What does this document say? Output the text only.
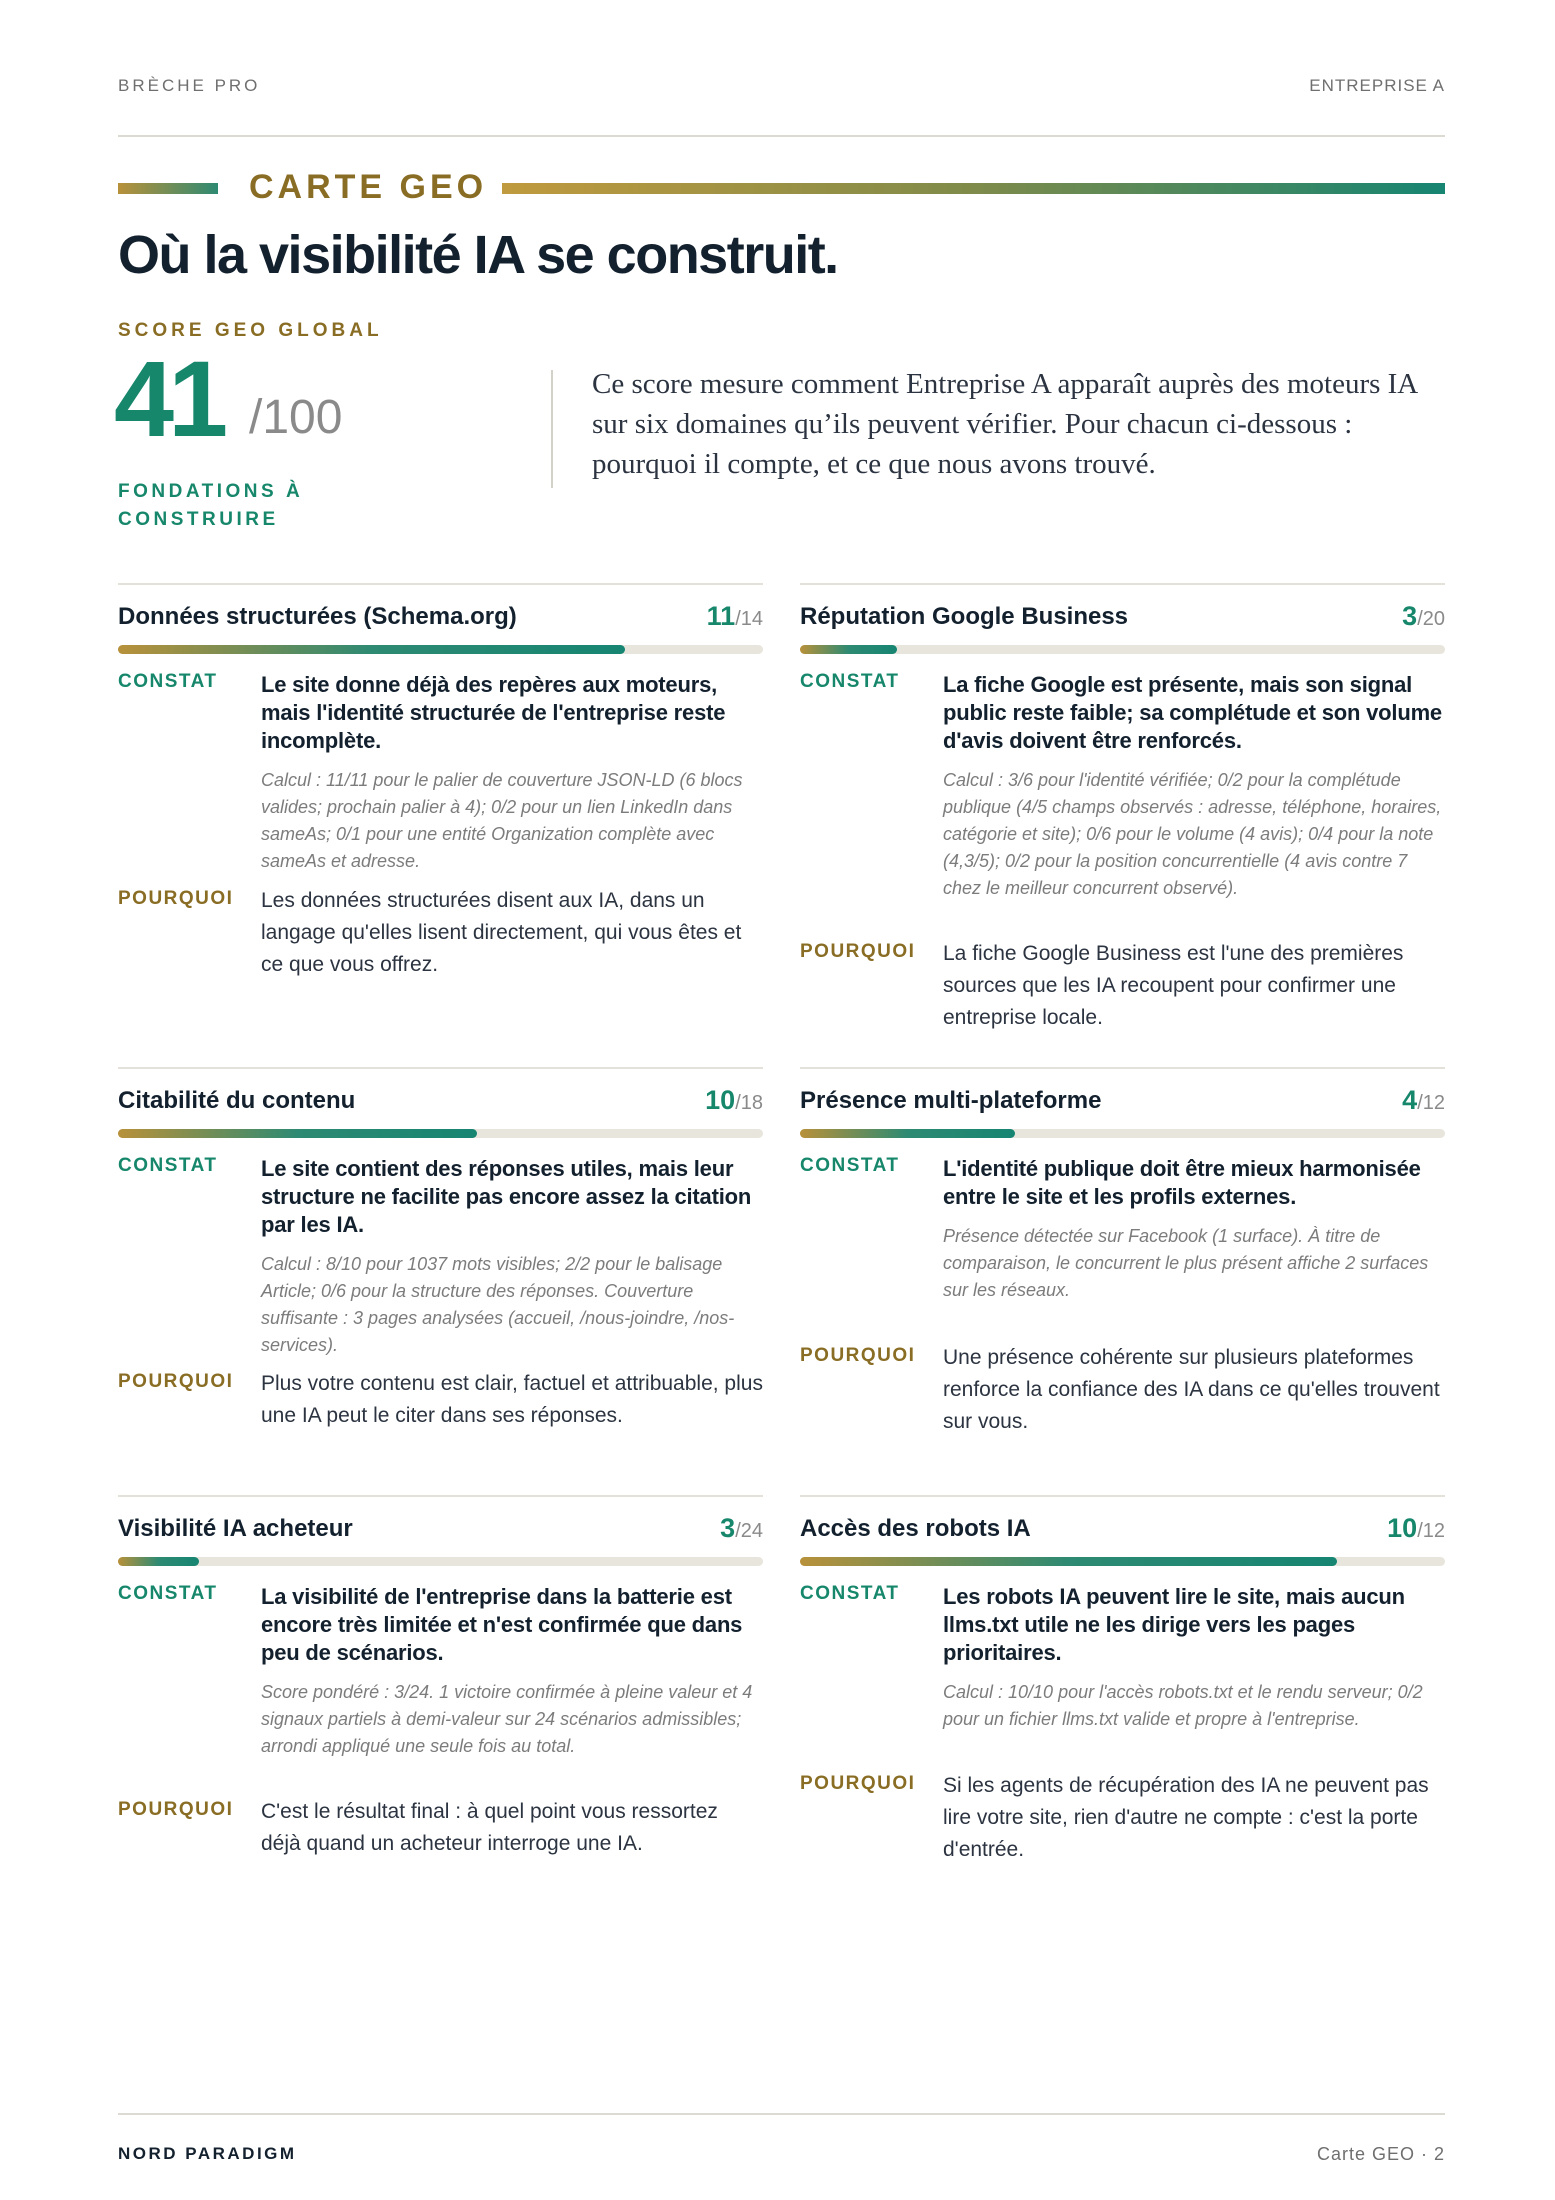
BRÈCHE PRO	ENTREPRISE A
CARTE GEO
Où la visibilité IA se construit.
SCORE GEO GLOBAL
41 /100
FONDATIONS À CONSTRUIRE

Ce score mesure comment Entreprise A apparaît auprès des moteurs IA sur six domaines qu’ils peuvent vérifier. Pour chacun ci-dessous : pourquoi il compte, et ce que nous avons trouvé.

Données structurées (Schema.org)	11/14
CONSTAT Le site donne déjà des repères aux moteurs, mais l'identité structurée de l'entreprise reste incomplète.

Calcul : 11/11 pour le palier de couverture JSON-LD (6 blocs valides; prochain palier à 4); 0/2 pour un lien LinkedIn dans sameAs; 0/1 pour une entité Organization complète avec sameAs et adresse.

POURQUOI Les données structurées disent aux IA, dans un langage qu'elles lisent directement, qui vous êtes et ce que vous offrez.

Réputation Google Business	3/20
CONSTAT La fiche Google est présente, mais son signal public reste faible; sa complétude et son volume d'avis doivent être renforcés.

Calcul : 3/6 pour l'identité vérifiée; 0/2 pour la complétude publique (4/5 champs observés : adresse, téléphone, horaires, catégorie et site); 0/6 pour le volume (4 avis); 0/4 pour la note (4,3/5); 0/2 pour la position concurrentielle (4 avis contre 7 chez le meilleur concurrent observé).

POURQUOI La fiche Google Business est l'une des premières sources que les IA recoupent pour confirmer une entreprise locale.

Citabilité du contenu	10/18
CONSTAT Le site contient des réponses utiles, mais leur structure ne facilite pas encore assez la citation par les IA.

Calcul : 8/10 pour 1037 mots visibles; 2/2 pour le balisage Article; 0/6 pour la structure des réponses. Couverture suffisante : 3 pages analysées (accueil, /nous-joindre, /nos-services).

POURQUOI Plus votre contenu est clair, factuel et attribuable, plus une IA peut le citer dans ses réponses.

Présence multi-plateforme	4/12
CONSTAT L'identité publique doit être mieux harmonisée entre le site et les profils externes.

Présence détectée sur Facebook (1 surface). À titre de comparaison, le concurrent le plus présent affiche 2 surfaces sur les réseaux.

POURQUOI Une présence cohérente sur plusieurs plateformes renforce la confiance des IA dans ce qu'elles trouvent sur vous.

Visibilité IA acheteur	3/24
CONSTAT La visibilité de l'entreprise dans la batterie est encore très limitée et n'est confirmée que dans peu de scénarios.

Score pondéré : 3/24. 1 victoire confirmée à pleine valeur et 4 signaux partiels à demi-valeur sur 24 scénarios admissibles; arrondi appliqué une seule fois au total.

POURQUOI C'est le résultat final : à quel point vous ressortez déjà quand un acheteur interroge une IA.

Accès des robots IA	10/12
CONSTAT Les robots IA peuvent lire le site, mais aucun llms.txt utile ne les dirige vers les pages prioritaires.

Calcul : 10/10 pour l'accès robots.txt et le rendu serveur; 0/2 pour un fichier llms.txt valide et propre à l'entreprise.

POURQUOI Si les agents de récupération des IA ne peuvent pas lire votre site, rien d'autre ne compte : c'est la porte d'entrée.

NORD PARADIGM	Carte GEO · 2
